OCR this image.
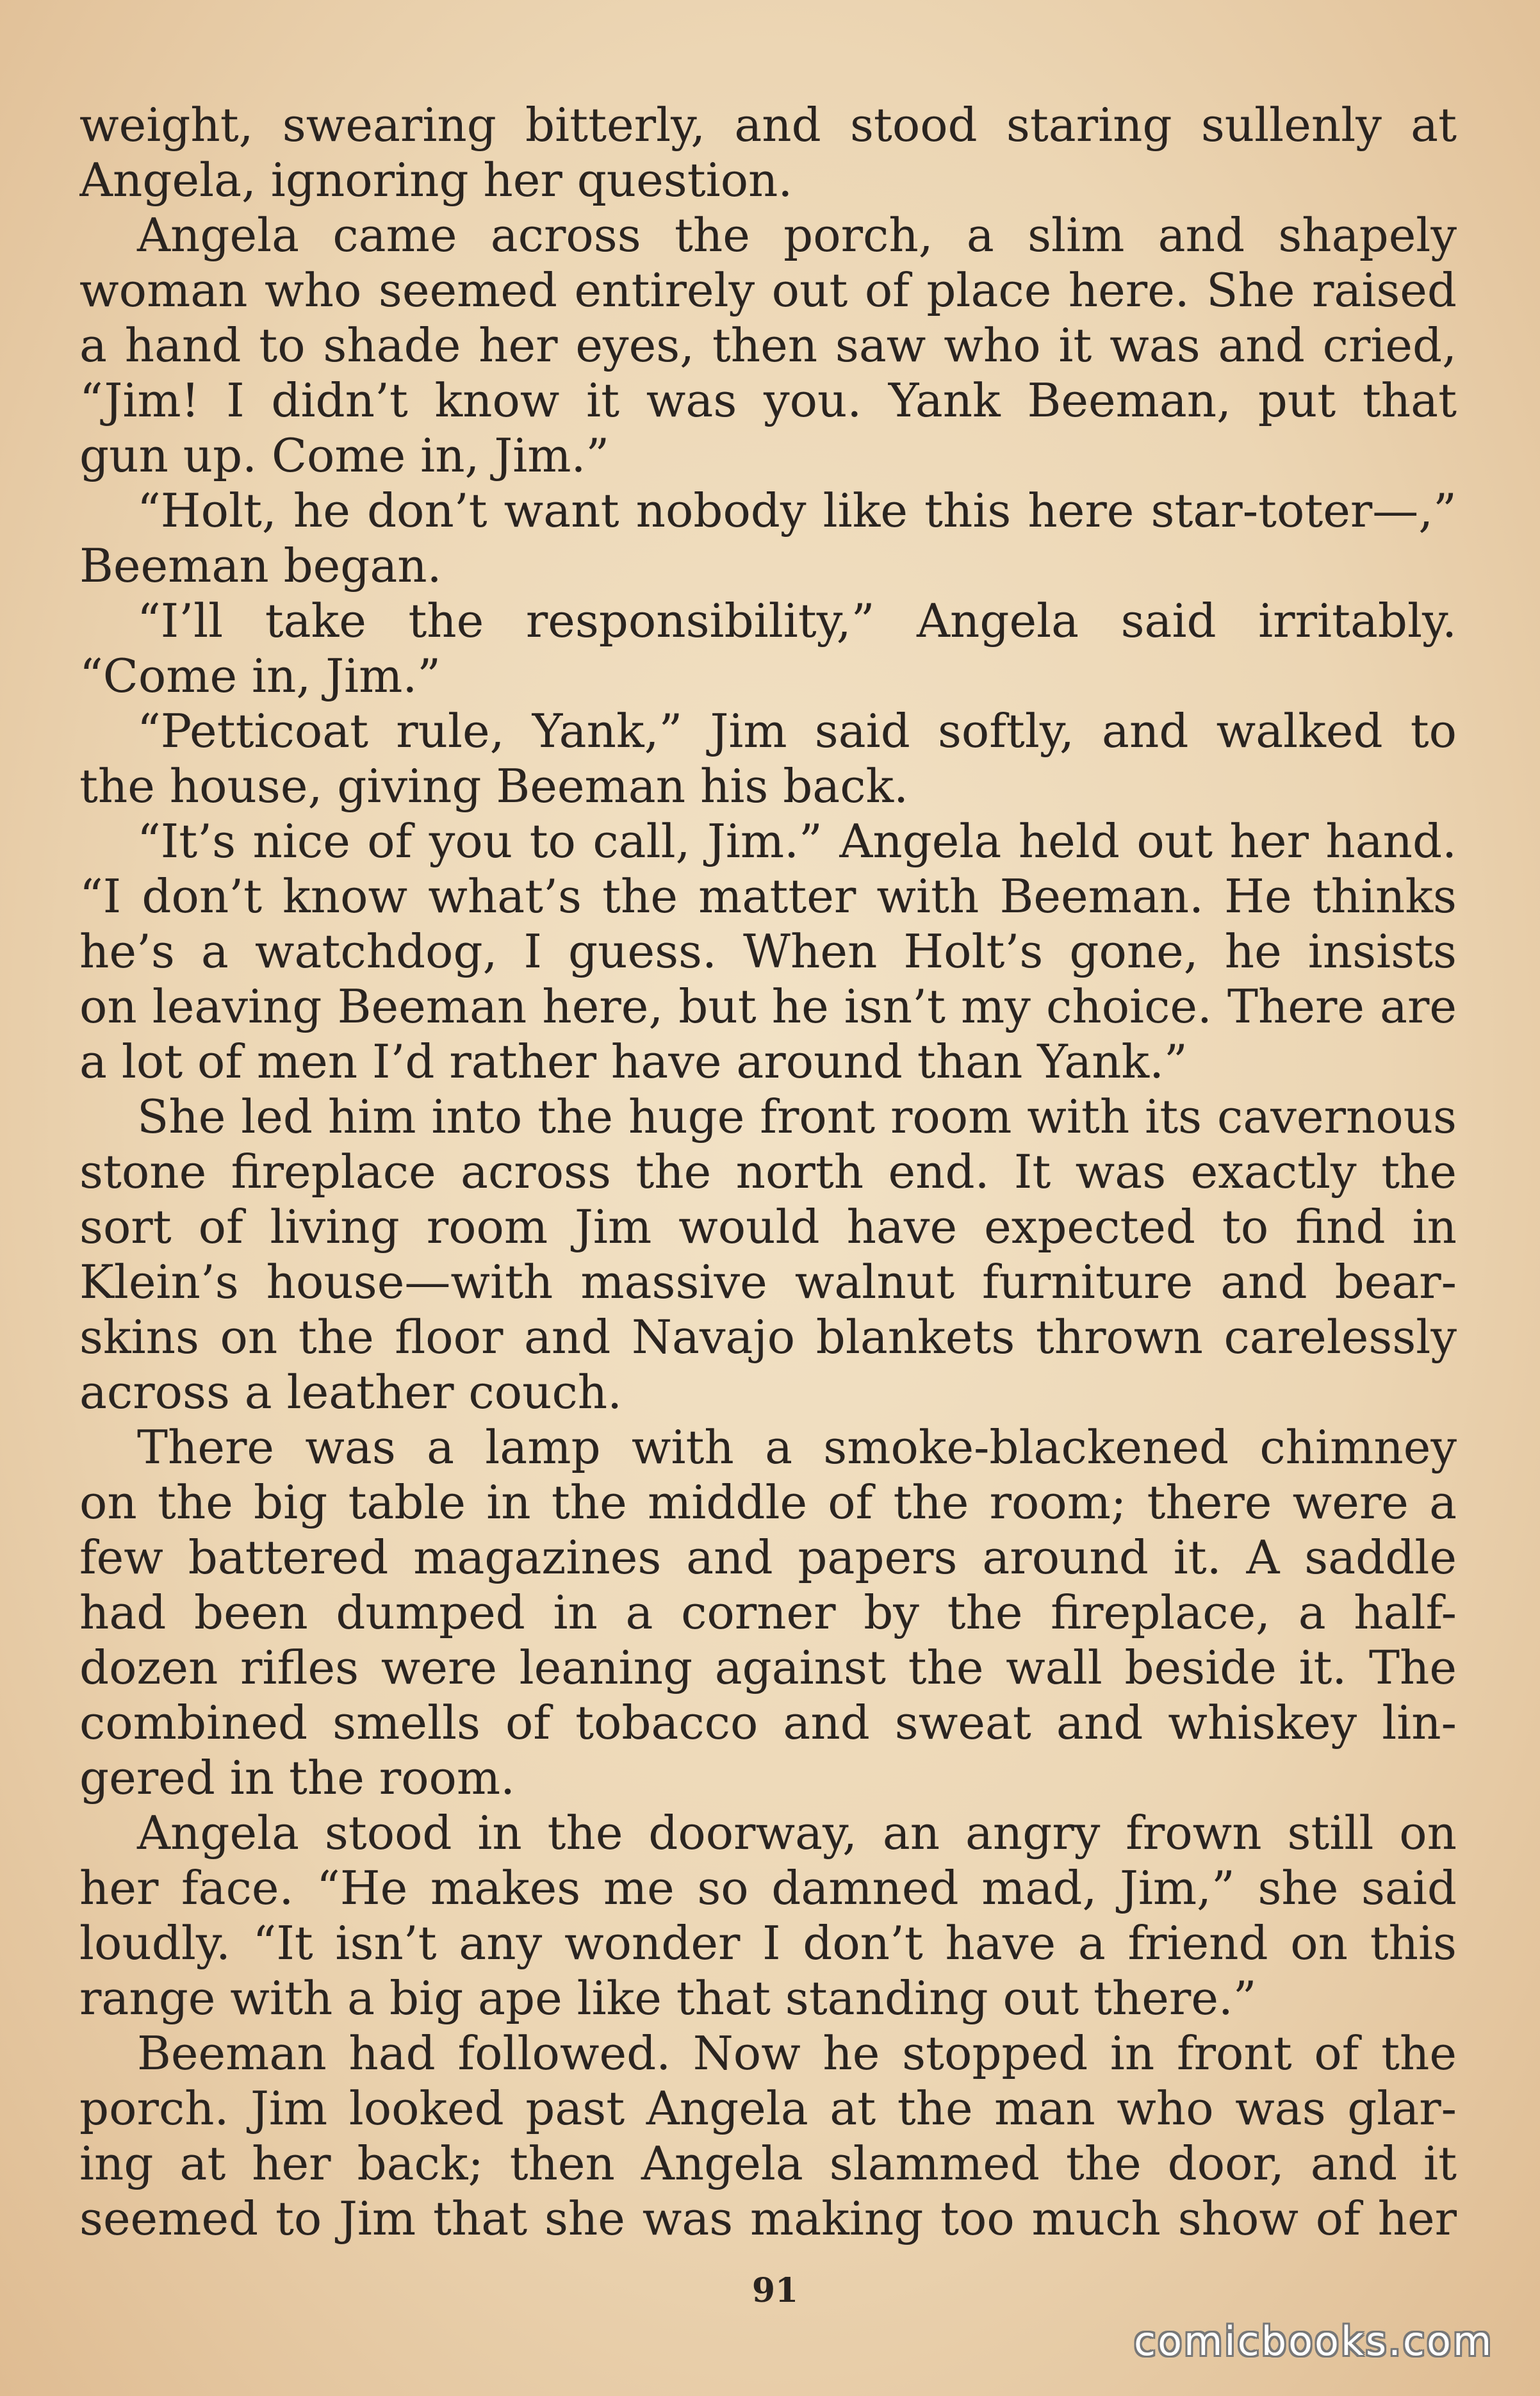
weight, swearing bitterly, and stood staring sullenly at
Angela, ignoring her question.
Angela came across the porch, a slim and shapely
woman who seemed entirely out of place here. She raised
a hand to shade her eyes, then saw who it was and cried,
“Jim! I didn’t know it was you. Yank Beeman, put that
gun up. Come in, Jim.”
“Holt, he don’t want nobody like this here star-toter—,”
Beeman began.
“I’ll take the responsibility,” Angela said irritably.
“Come in, Jim.”
“Petticoat rule, Yank,” Jim said softly, and walked to
the house, giving Beeman his back.
“It’s nice of you to call, Jim.” Angela held out her hand.
“I don’t know what’s the matter with Beeman. He thinks
he’s a watchdog, I guess. When Holt’s gone, he insists
on leaving Beeman here, but he isn’t my choice. There are
a lot of men I’d rather have around than Yank.”
She led him into the huge front room with its cavernous
stone fireplace across the north end. It was exactly the
sort of living room Jim would have expected to find in
Klein’s house—with massive walnut furniture and bear-
skins on the floor and Navajo blankets thrown carelessly
across a leather couch.
There was a lamp with a smoke-blackened chimney
on the big table in the middle of the room; there were a
few battered magazines and papers around it. A saddle
had been dumped in a corner by the fireplace, a half-
dozen rifles were leaning against the wall beside it. The
combined smells of tobacco and sweat and whiskey lin-
gered in the room.
Angela stood in the doorway, an angry frown still on
her face. “He makes me so damned mad, Jim,” she said
loudly. “It isn’t any wonder I don’t have a friend on this
range with a big ape like that standing out there.”
Beeman had followed. Now he stopped in front of the
porch. Jim looked past Angela at the man who was glar-
ing at her back; then Angela slammed the door, and it
seemed to Jim that she was making too much show of her
91
comicbooks.com
